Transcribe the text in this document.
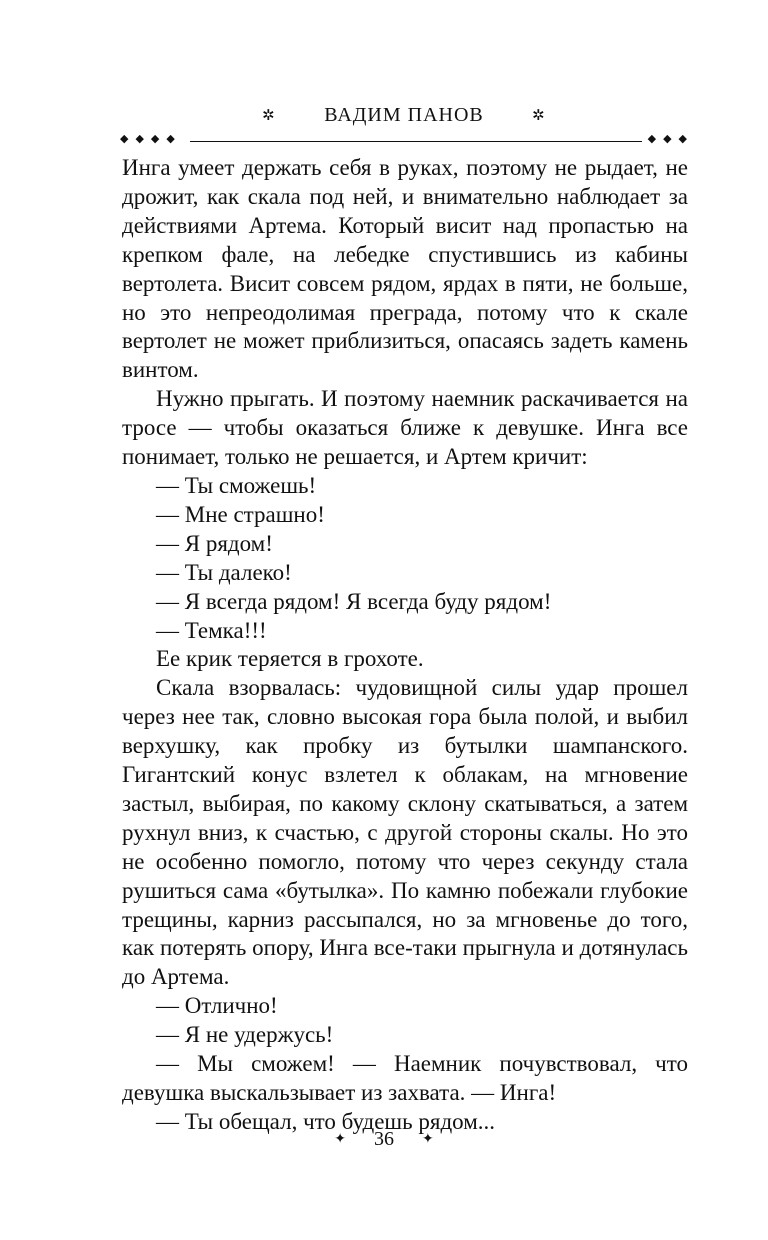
✲	ВАДИМ ПАНОВ	✲
◆◆◆◆	◆◆◆

Инга умеет держать себя в руках, поэтому не рыдает, не дрожит, как скала под ней, и внимательно наблюдает за действиями Артема. Который висит над пропастью на крепком фале, на лебедке спустившись из кабины вертолета. Висит совсем рядом, ярдах в пяти, не больше, но это непреодолимая преграда, потому что к скале вертолет не может приблизиться, опасаясь задеть камень винтом.

Нужно прыгать. И поэтому наемник раскачивается на тросе — чтобы оказаться ближе к девушке. Инга все понимает, только не решается, и Артем кричит:

— Ты сможешь!

— Мне страшно!

— Я рядом!

— Ты далеко!

— Я всегда рядом! Я всегда буду рядом!

— Темка!!!

Ее крик теряется в грохоте.

Скала взорвалась: чудовищной силы удар прошел через нее так, словно высокая гора была полой, и выбил верхушку, как пробку из бутылки шампанского. Гигантский конус взлетел к облакам, на мгновение застыл, выбирая, по какому склону скатываться, а затем рухнул вниз, к счастью, с другой стороны скалы. Но это не особенно помогло, потому что через секунду стала рушиться сама «бутылка». По камню побежали глубокие трещины, карниз рассыпался, но за мгновенье до того, как потерять опору, Инга все-таки прыгнула и дотянулась до Артема.

— Отлично!

— Я не удержусь!

— Мы сможем! — Наемник почувствовал, что девушка выскальзывает из захвата. — Инга!

— Ты обещал, что будешь рядом...

✦ 36 ✦
